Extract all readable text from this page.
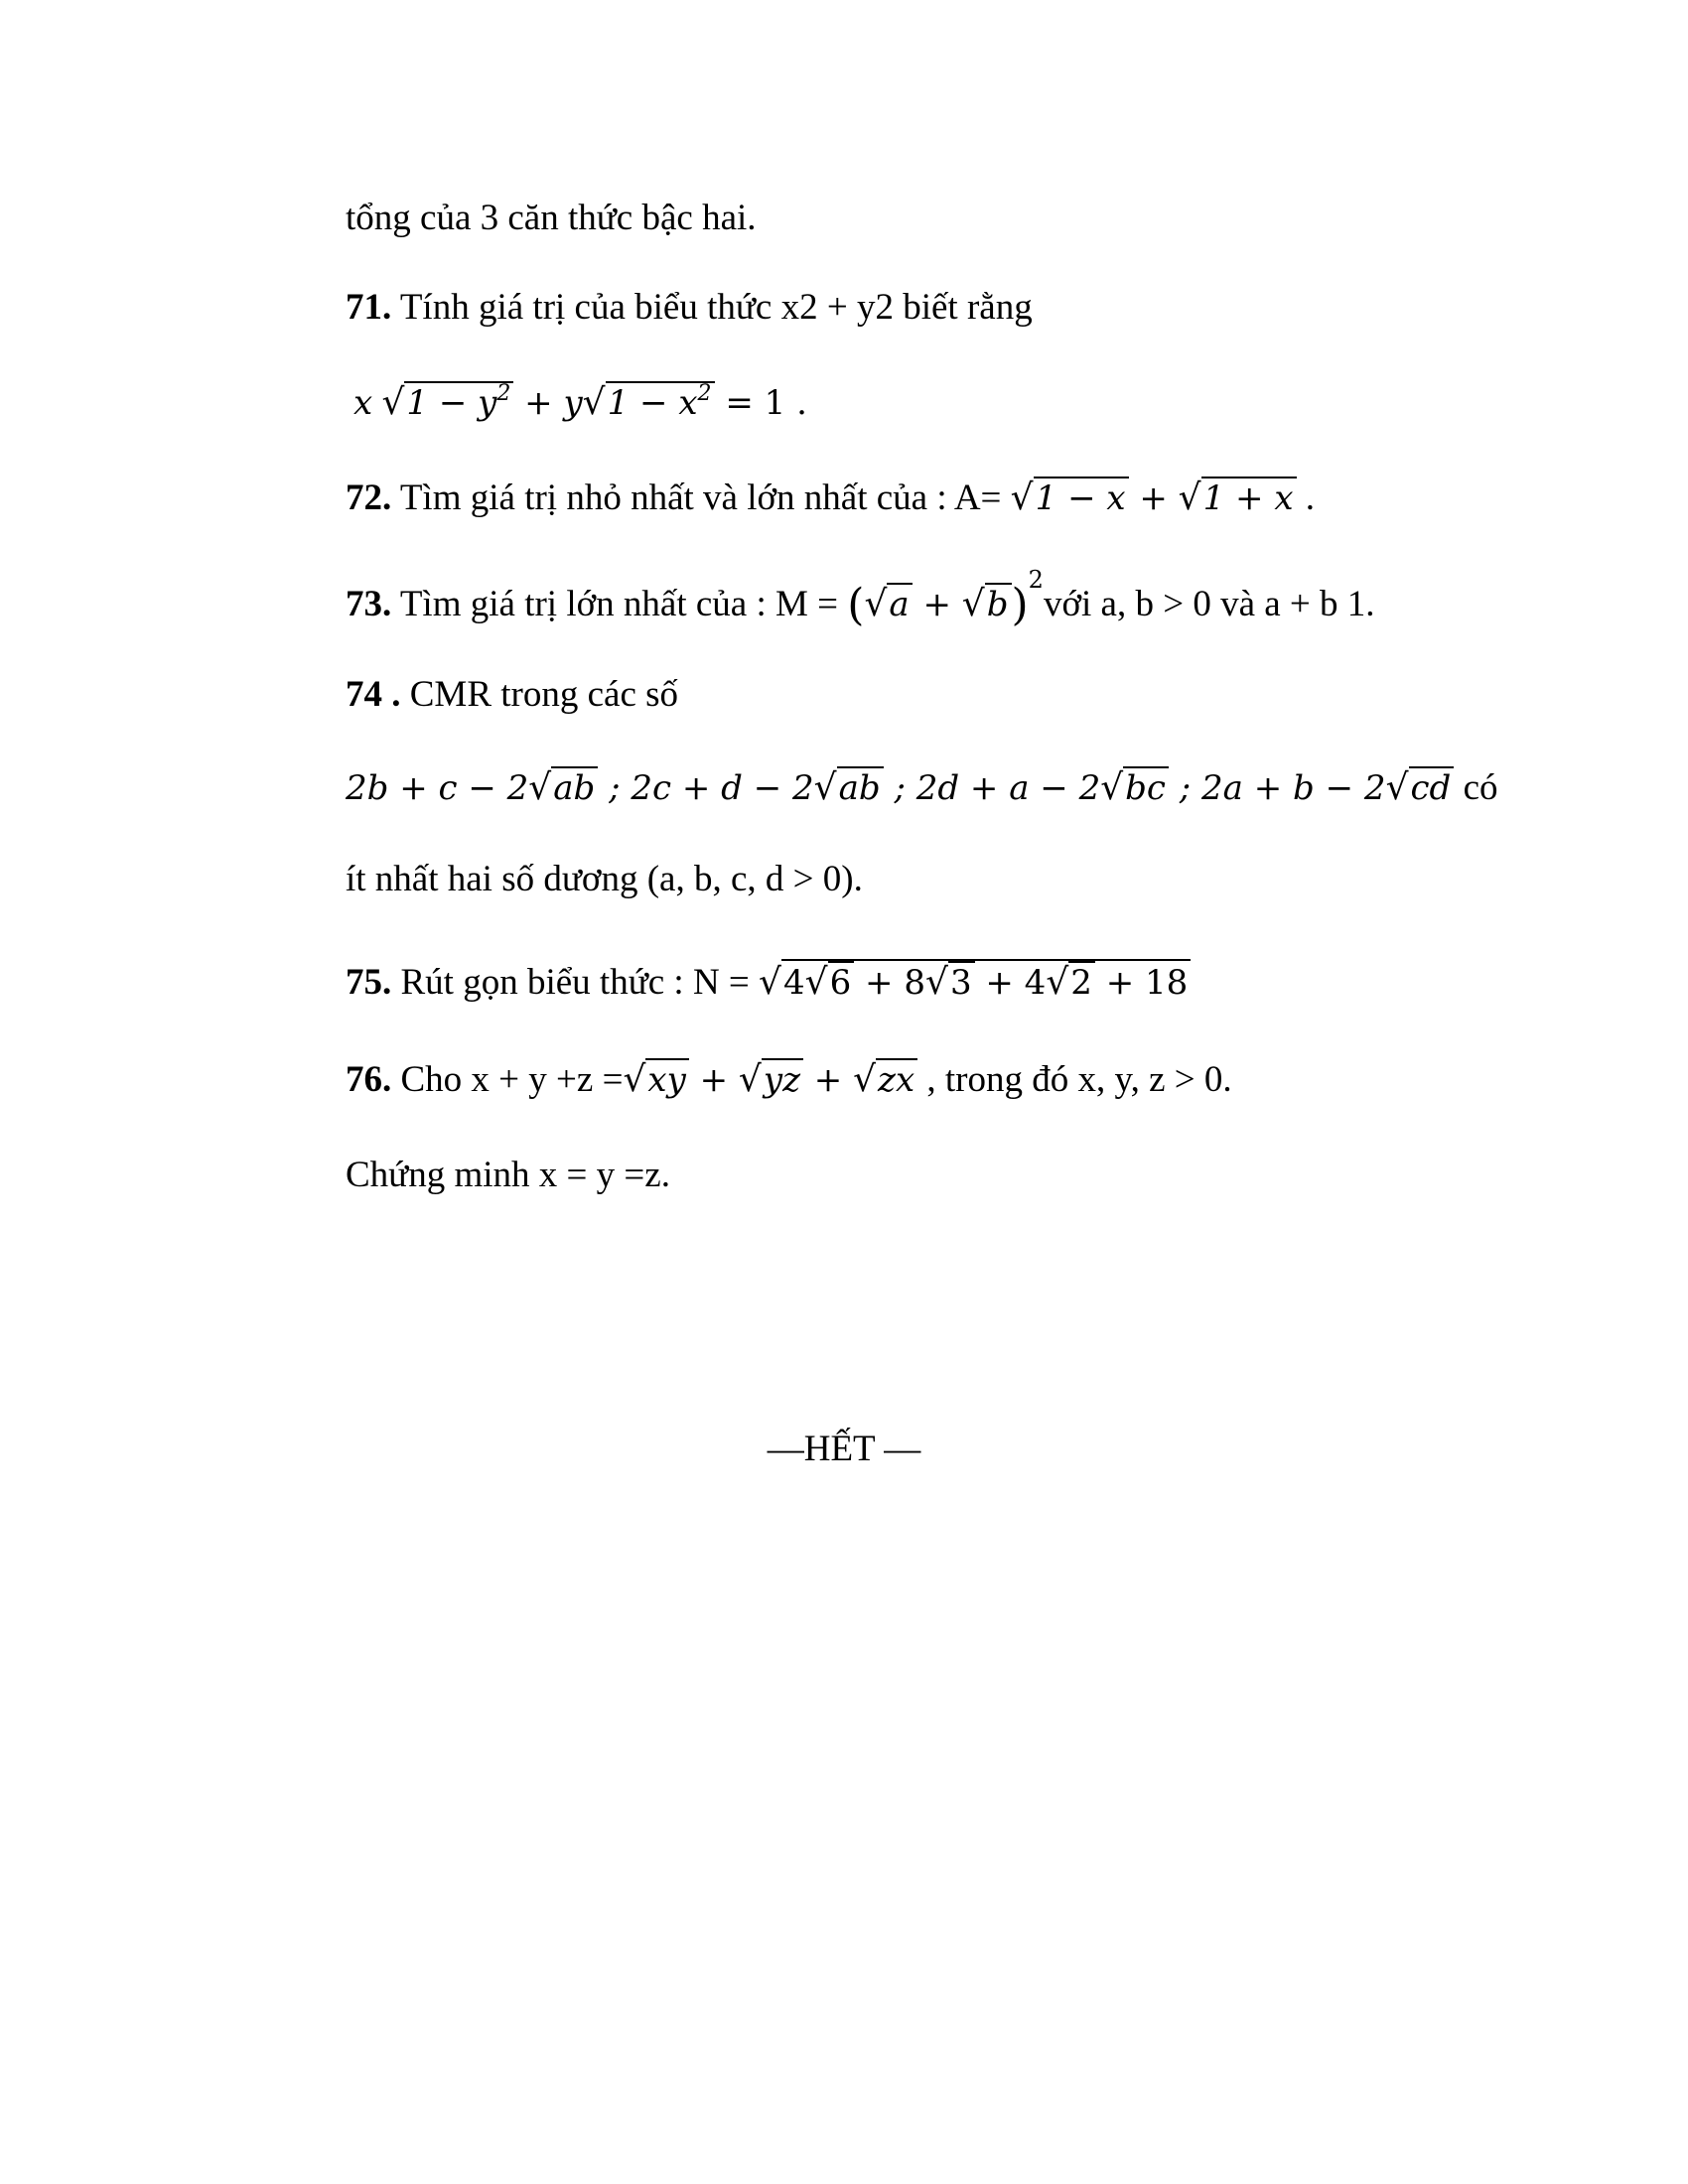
tổng của 3 căn thức bậc hai.
71. Tính giá trị của biểu thức x2 + y2 biết rằng
x $√1 - y^2 + y√1 - x^2 = 1$ .
72. Tìm giá trị nhỏ nhất và lớn nhất của : A= √1 − x + √1 + x .
73. Tìm giá trị lớn nhất của : $M = (√a + √b)^2với$ a, b > 0 và a + b 1.
74 . CMR trong các số
2b + c − 2√ab ; 2c + d − 2√ab ; 2d + a − 2√bc ; 2a + b − 2√cd có
ít nhất hai số dương (a, b, c, d > 0).
75. Rút gọn biểu thức : N = √4√6 + 8√3 + 4√2 + 18
76. Cho x + y +z =√xy + √yz + √zx , trong đó x, y, z > 0.
Chứng minh x = y =z.
—HẾT —
